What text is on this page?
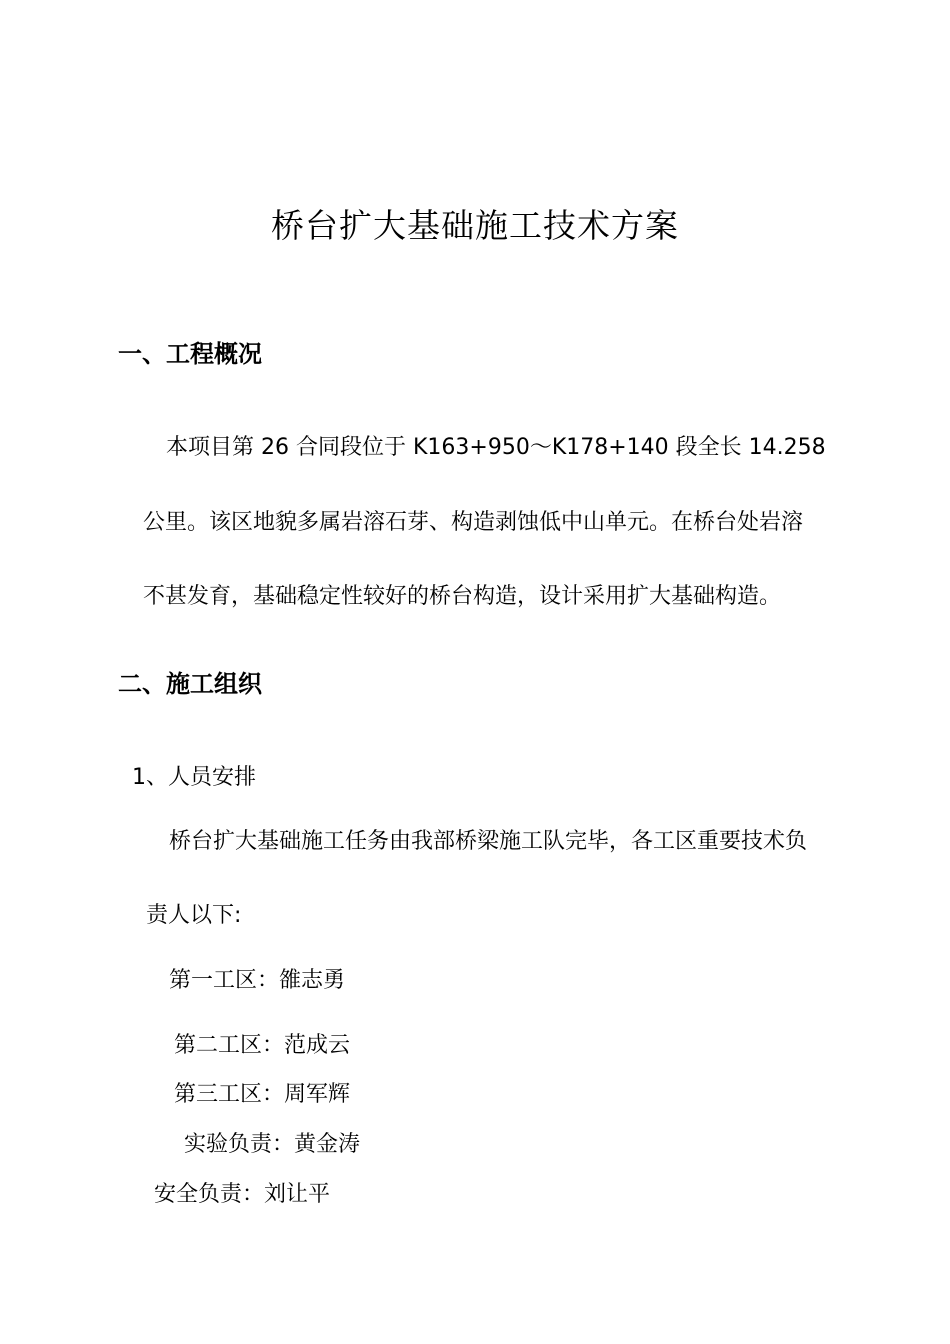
桥台扩大基础施工技术方案
一、工程概况
本项目第 26 合同段位于 K163+950～K178+140 段全长 14.258
公里。该区地貌多属岩溶石芽、构造剥蚀低中山单元。在桥台处岩溶
不甚发育，基础稳定性较好的桥台构造，设计采用扩大基础构造。
二、施工组织
1、人员安排
桥台扩大基础施工任务由我部桥梁施工队完毕，各工区重要技术负
责人以下:
第一工区：雒志勇
第二工区：范成云
第三工区：周军辉
实验负责：黄金涛
安全负责：刘让平
